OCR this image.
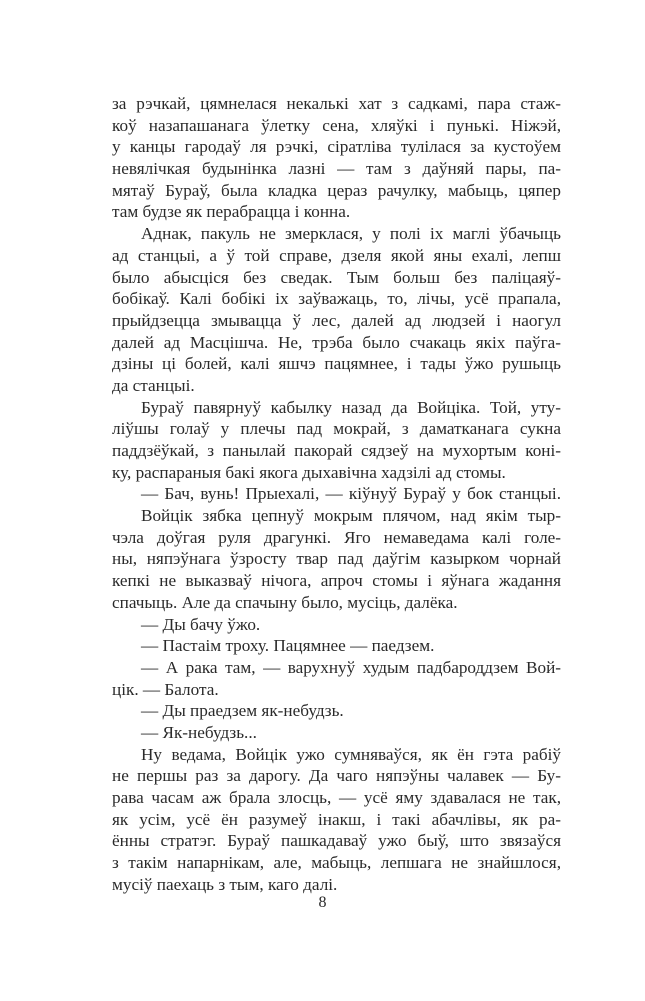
за рэчкай, цямнелася некалькі хат з садкамі, пара стаж-
коў назапашанага ўлетку сена, хляўкі і пунькі. Ніжэй,
у канцы гародаў ля рэчкі, сіратліва тулілася за кустоўем
невялічкая будынінка лазні — там з даўняй пары, па-
мятаў Бураў, была кладка цераз рачулку, мабыць, цяпер
там будзе як перабрацца і конна.
Аднак, пакуль не змерклася, у полі іх маглі ўбачыць
ад станцыі, а ў той справе, дзеля якой яны ехалі, лепш
было абысціся без сведак. Тым больш без паліцаяў-
бобікаў. Калі бобікі іх заўважаць, то, лічы, усё прапала,
прыйдзецца змывацца ў лес, далей ад людзей і наогул
далей ад Масцішча. Не, трэба было счакаць якіх паўга-
дзіны ці болей, калі яшчэ пацямнее, і тады ўжо рушыць
да станцыі.
Бураў павярнуў кабылку назад да Войціка. Той, уту-
ліўшы голаў у плечы пад мокрай, з даматканага сукна
паддзёўкай, з панылай пакорай сядзеў на мухортым коні-
ку, распараныя бакі якога дыхавічна хадзілі ад стомы.
— Бач, вунь! Прыехалі, — кіўнуў Бураў у бок станцыі.
Войцік зябка цепнуў мокрым плячом, над якім тыр-
чэла доўгая руля драгункі. Яго немаведама калі голе-
ны, няпэўнага ўзросту твар пад даўгім казырком чорнай
кепкі не выказваў нічога, апроч стомы і яўнага жадання
спачыць. Але да спачыну было, мусіць, далёка.
— Ды бачу ўжо.
— Пастаім троху. Пацямнее — паедзем.
— А рака там, — варухнуў худым падбароддзем Вой-
цік. — Балота.
— Ды праедзем як-небудзь.
— Як-небудзь...
Ну ведама, Войцік ужо сумняваўся, як ён гэта рабіў
не першы раз за дарогу. Да чаго няпэўны чалавек — Бу-
рава часам аж брала злосць, — усё яму здавалася не так,
як усім, усё ён разумеў інакш, і такі абачлівы, як ра-
ённы стратэг. Бураў пашкадаваў ужо быў, што звязаўся
з такім напарнікам, але, мабыць, лепшага не знайшлося,
мусіў паехаць з тым, каго далі.
8
